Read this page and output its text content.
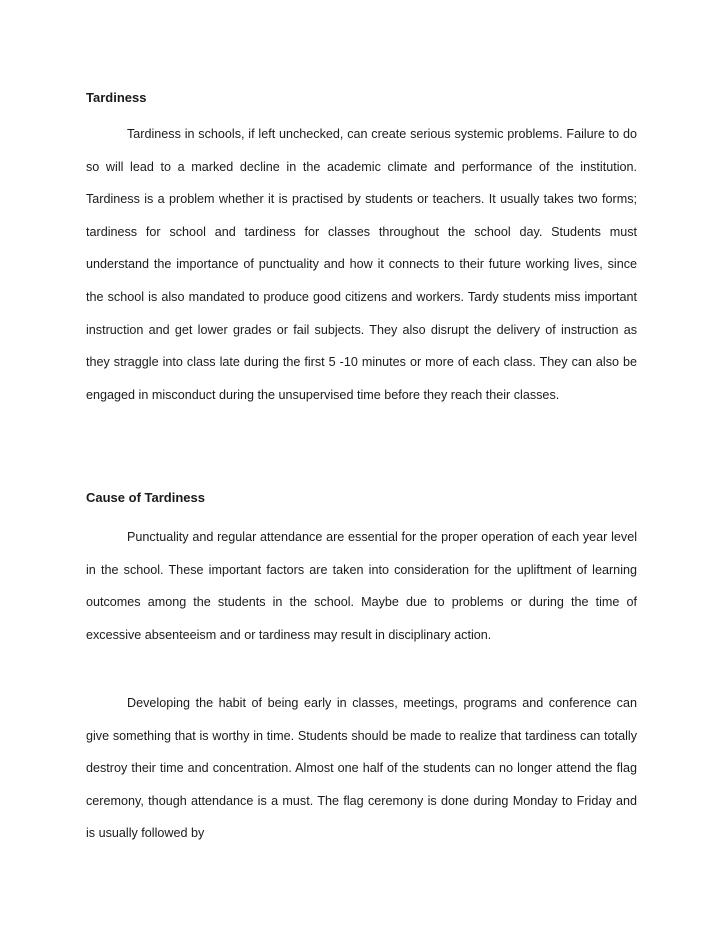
Tardiness

Tardiness in schools, if left unchecked, can create serious systemic problems. Failure to do so will lead to a marked decline in the academic climate and performance of the institution. Tardiness is a problem whether it is practised by students or teachers. It usually takes two forms; tardiness for school and tardiness for classes throughout the school day. Students must understand the importance of punctuality and how it connects to their future working lives, since the school is also mandated to produce good citizens and workers. Tardy students miss important instruction and get lower grades or fail subjects. They also disrupt the delivery of instruction as they straggle into class late during the first 5 -10 minutes or more of each class. They can also be engaged in misconduct during the unsupervised time before they reach their classes.

Cause of Tardiness

Punctuality and regular attendance are essential for the proper operation of each year level in the school. These important factors are taken into consideration for the upliftment of learning outcomes among the students in the school. Maybe due to problems or during the time of excessive absenteeism and or tardiness may result in disciplinary action.

Developing the habit of being early in classes, meetings, programs and conference can give something that is worthy in time. Students should be made to realize that tardiness can totally destroy their time and concentration. Almost one half of the students can no longer attend the flag ceremony, though attendance is a must. The flag ceremony is done during Monday to Friday and is usually followed by
